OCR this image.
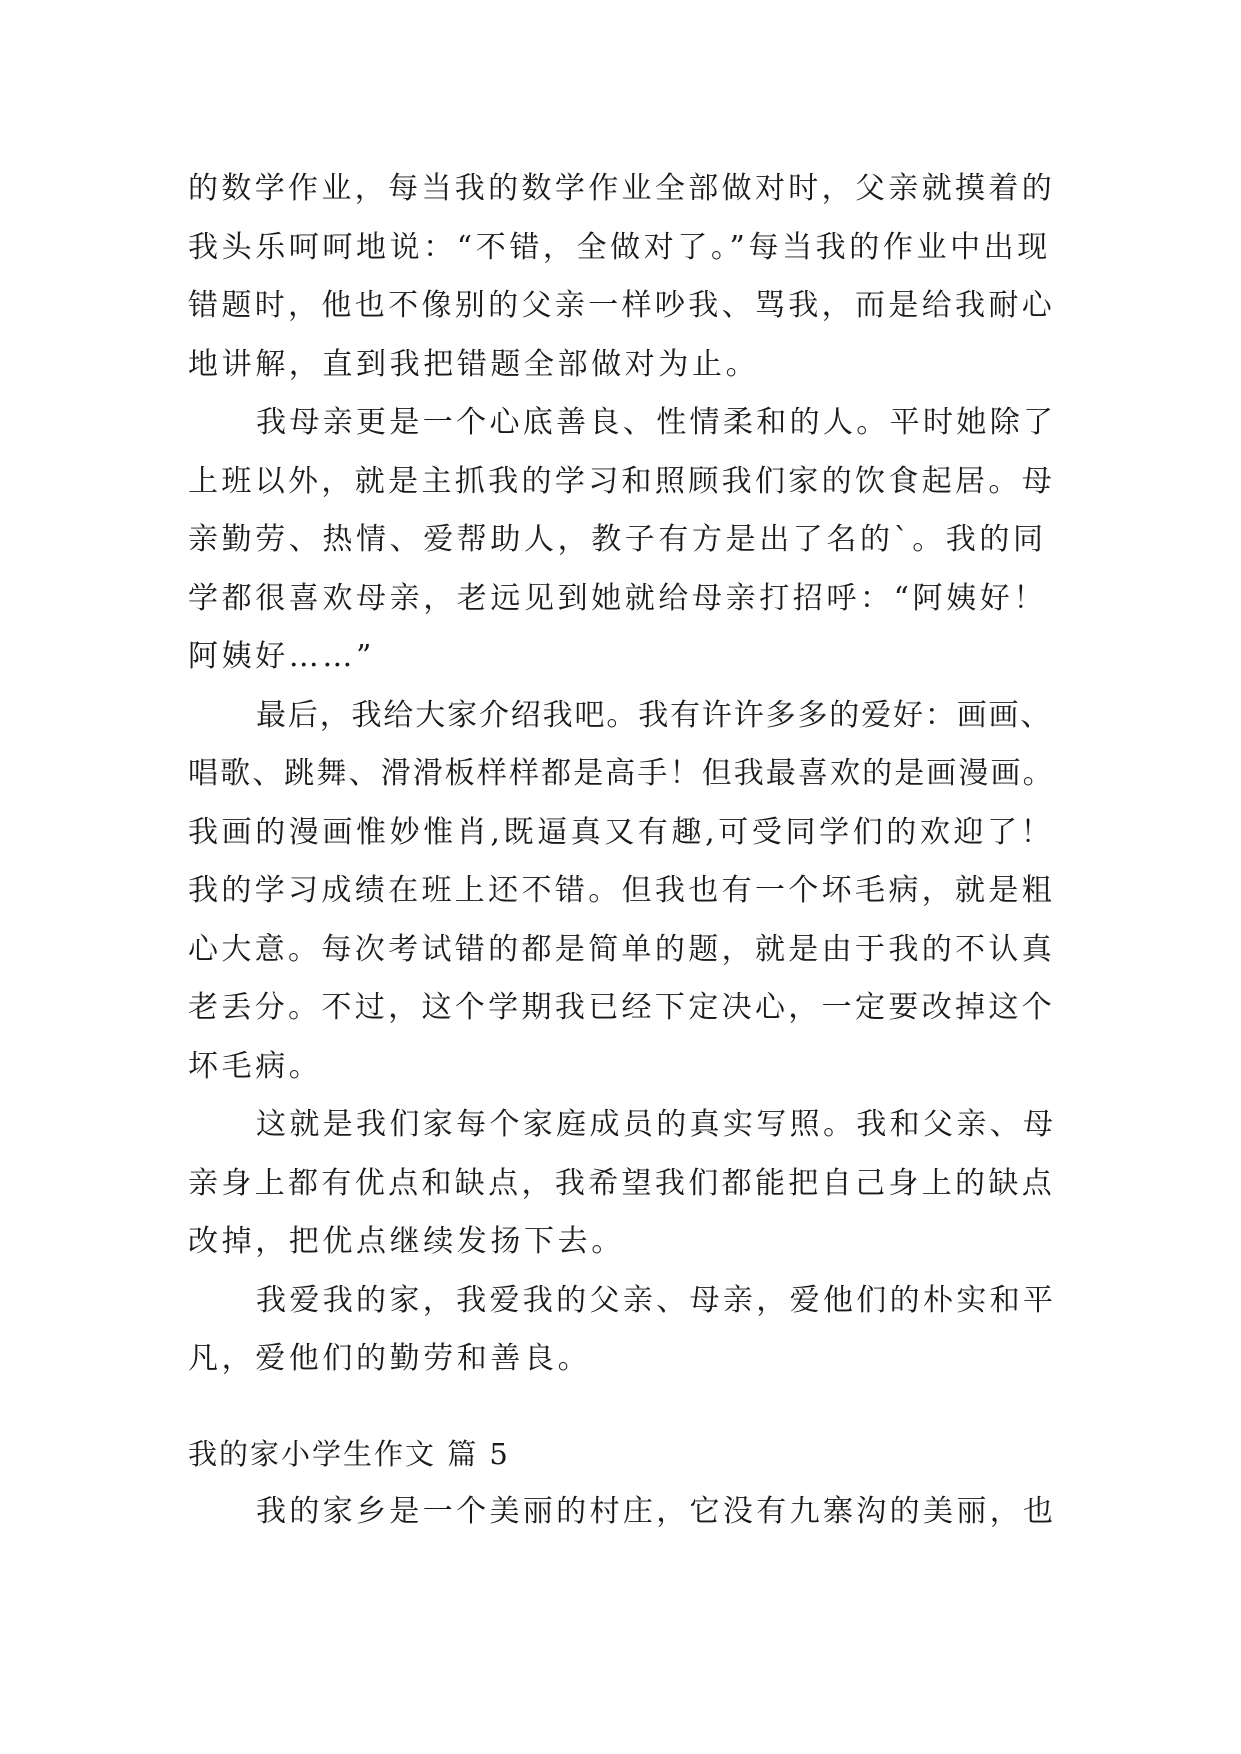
的数学作业，每当我的数学作业全部做对时，父亲就摸着的
我头乐呵呵地说：“不错，全做对了。”每当我的作业中出现
错题时，他也不像别的父亲一样吵我、骂我，而是给我耐心
地讲解，直到我把错题全部做对为止。
我母亲更是一个心底善良、性情柔和的人。平时她除了
上班以外，就是主抓我的学习和照顾我们家的饮食起居。母
亲勤劳、热情、爱帮助人，教子有方是出了名的`。我的同
学都很喜欢母亲，老远见到她就给母亲打招呼：“阿姨好！
阿姨好……”
最后，我给大家介绍我吧。我有许许多多的爱好：画画、
唱歌、跳舞、滑滑板样样都是高手！但我最喜欢的是画漫画。
我画的漫画惟妙惟肖,既逼真又有趣,可受同学们的欢迎了！
我的学习成绩在班上还不错。但我也有一个坏毛病，就是粗
心大意。每次考试错的都是简单的题，就是由于我的不认真
老丢分。不过，这个学期我已经下定决心，一定要改掉这个
坏毛病。
这就是我们家每个家庭成员的真实写照。我和父亲、母
亲身上都有优点和缺点，我希望我们都能把自己身上的缺点
改掉，把优点继续发扬下去。
我爱我的家，我爱我的父亲、母亲，爱他们的朴实和平
凡，爱他们的勤劳和善良。
我的家小学生作文 篇 5
我的家乡是一个美丽的村庄，它没有九寨沟的美丽，也
